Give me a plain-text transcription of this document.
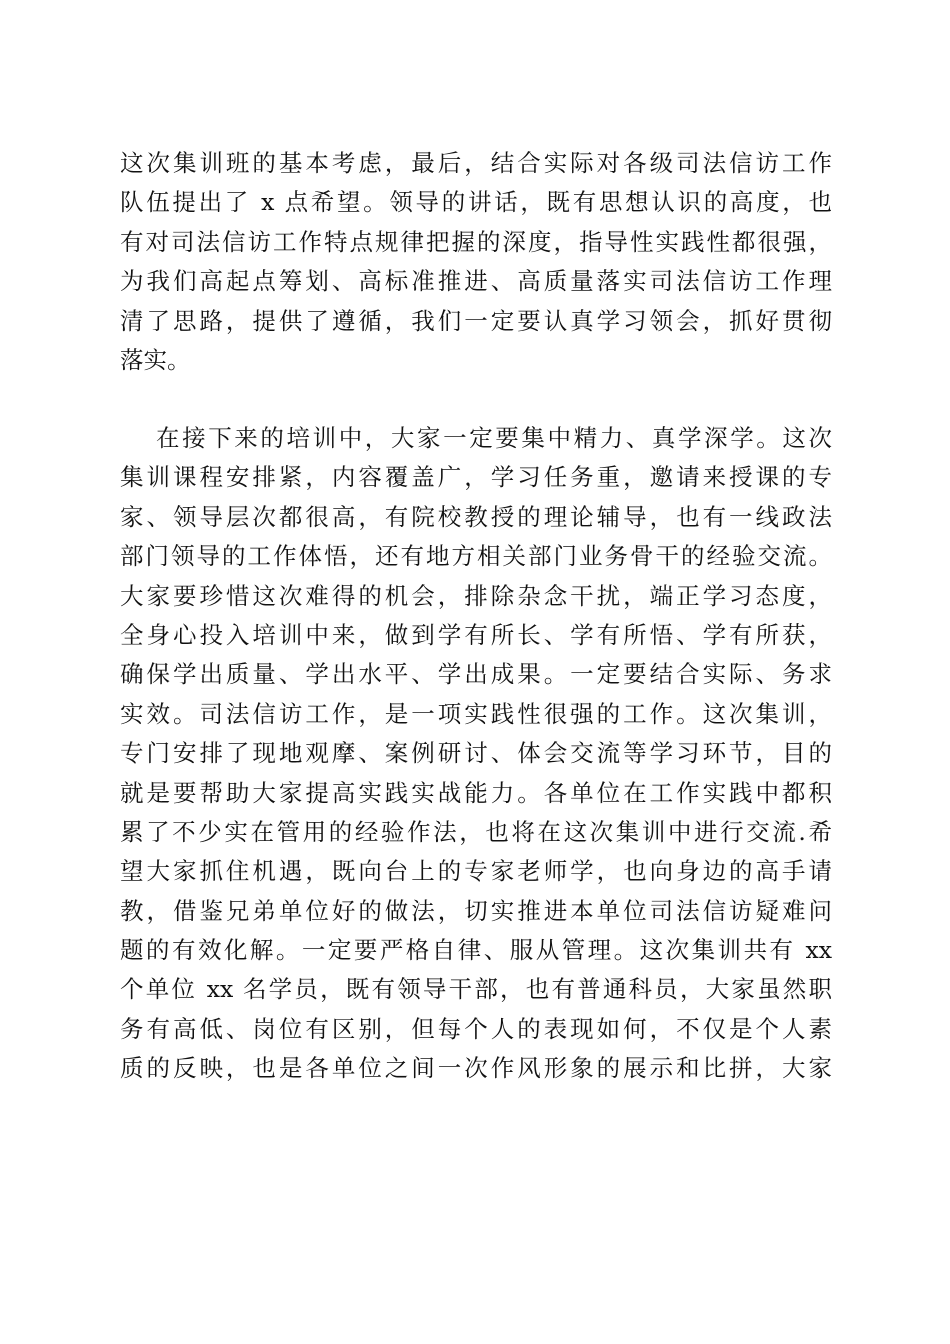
这次集训班的基本考虑，最后，结合实际对各级司法信访工作
队伍提出了 x 点希望。领导的讲话，既有思想认识的高度，也
有对司法信访工作特点规律把握的深度，指导性实践性都很强，
为我们高起点筹划、高标准推进、高质量落实司法信访工作理
清了思路，提供了遵循，我们一定要认真学习领会，抓好贯彻
落实。
在接下来的培训中，大家一定要集中精力、真学深学。这次
集训课程安排紧，内容覆盖广，学习任务重，邀请来授课的专
家、领导层次都很高，有院校教授的理论辅导，也有一线政法
部门领导的工作体悟，还有地方相关部门业务骨干的经验交流。
大家要珍惜这次难得的机会，排除杂念干扰，端正学习态度，
全身心投入培训中来，做到学有所长、学有所悟、学有所获，
确保学出质量、学出水平、学出成果。一定要结合实际、务求
实效。司法信访工作，是一项实践性很强的工作。这次集训，
专门安排了现地观摩、案例研讨、体会交流等学习环节，目的
就是要帮助大家提高实践实战能力。各单位在工作实践中都积
累了不少实在管用的经验作法，也将在这次集训中进行交流.希
望大家抓住机遇，既向台上的专家老师学，也向身边的高手请
教，借鉴兄弟单位好的做法，切实推进本单位司法信访疑难问
题的有效化解。一定要严格自律、服从管理。这次集训共有 xx
个单位 xx 名学员，既有领导干部，也有普通科员，大家虽然职
务有高低、岗位有区别，但每个人的表现如何，不仅是个人素
质的反映，也是各单位之间一次作风形象的展示和比拼，大家
